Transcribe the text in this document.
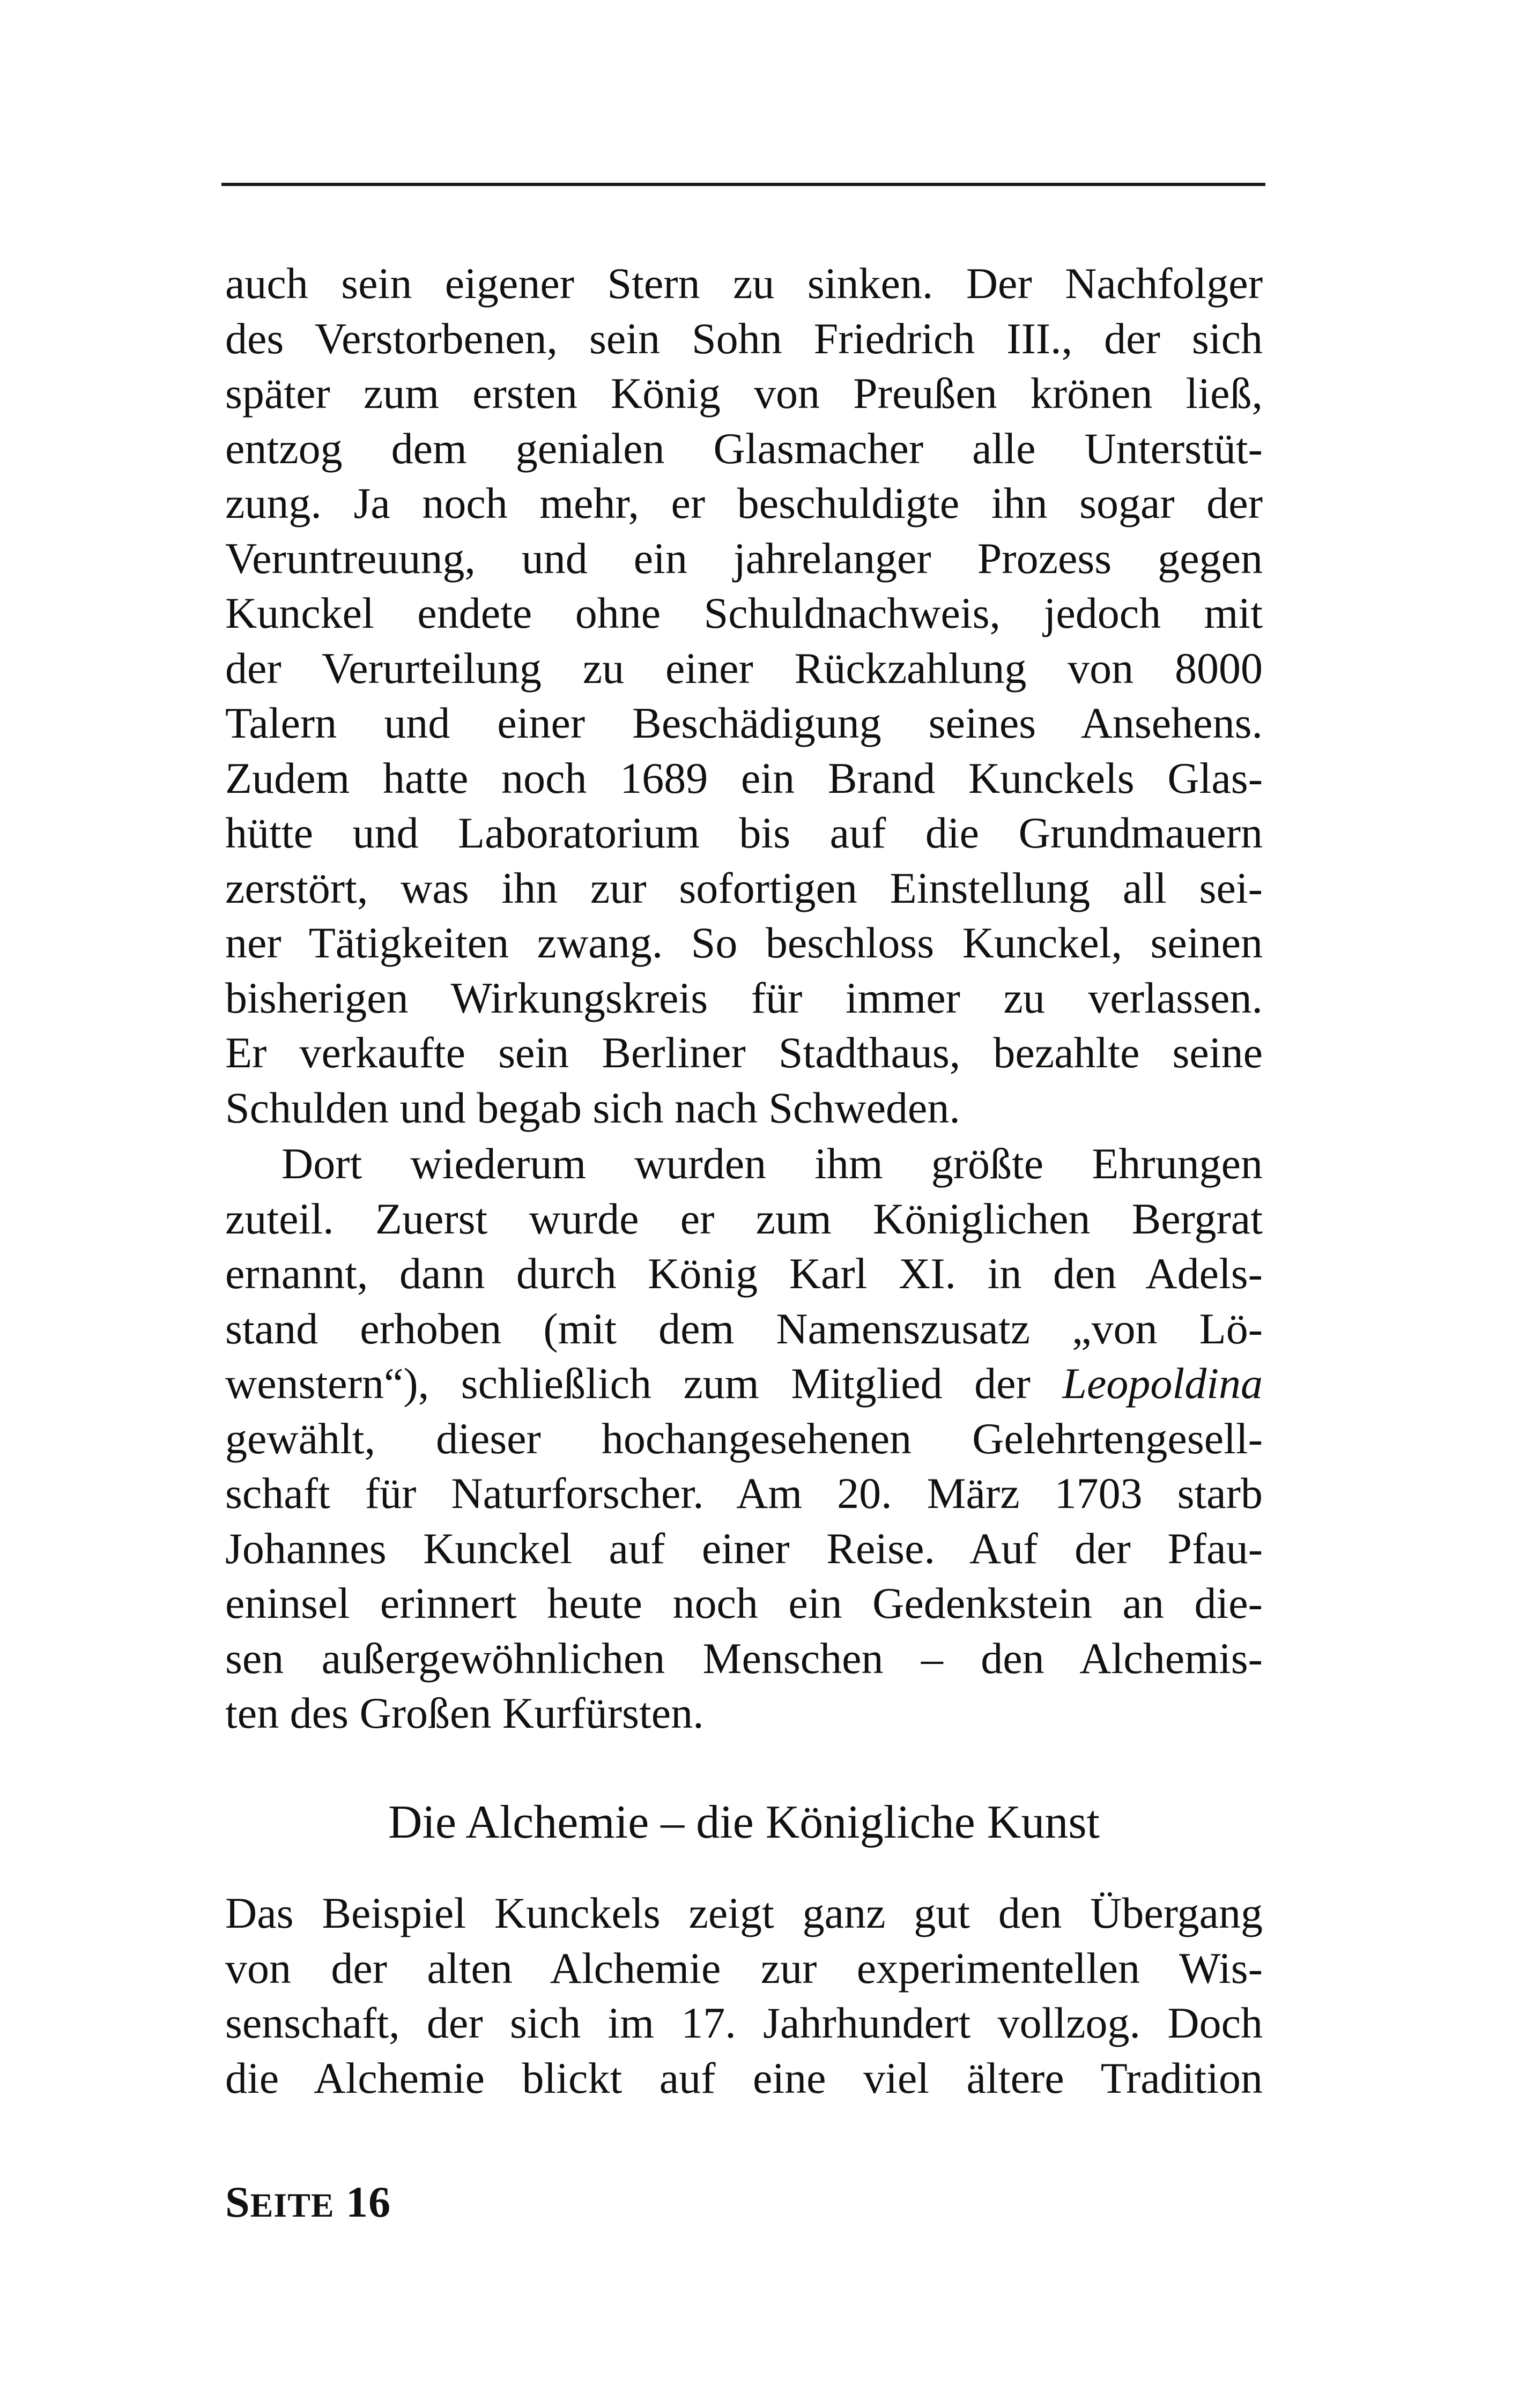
auch sein eigener Stern zu sinken. Der Nachfolger
des Verstorbenen, sein Sohn Friedrich III., der sich
später zum ersten König von Preußen krönen ließ,
entzog dem genialen Glasmacher alle Unterstüt-
zung. Ja noch mehr, er beschuldigte ihn sogar der
Veruntreuung, und ein jahrelanger Prozess gegen
Kunckel endete ohne Schuldnachweis, jedoch mit
der Verurteilung zu einer Rückzahlung von 8000
Talern und einer Beschädigung seines Ansehens.
Zudem hatte noch 1689 ein Brand Kunckels Glas-
hütte und Laboratorium bis auf die Grundmauern
zerstört, was ihn zur sofortigen Einstellung all sei-
ner Tätigkeiten zwang. So beschloss Kunckel, seinen
bisherigen Wirkungskreis für immer zu verlassen.
Er verkaufte sein Berliner Stadthaus, bezahlte seine
Schulden und begab sich nach Schweden.
Dort wiederum wurden ihm größte Ehrungen
zuteil. Zuerst wurde er zum Königlichen Bergrat
ernannt, dann durch König Karl XI. in den Adels-
stand erhoben (mit dem Namenszusatz „von Lö-
wenstern“), schließlich zum Mitglied der Leopoldina
gewählt, dieser hochangesehenen Gelehrtengesell-
schaft für Naturforscher. Am 20. März 1703 starb
Johannes Kunckel auf einer Reise. Auf der Pfau-
eninsel erinnert heute noch ein Gedenkstein an die-
sen außergewöhnlichen Menschen – den Alchemis-
ten des Großen Kurfürsten.
Die Alchemie – die Königliche Kunst
Das Beispiel Kunckels zeigt ganz gut den Übergang
von der alten Alchemie zur experimentellen Wis-
senschaft, der sich im 17. Jahrhundert vollzog. Doch
die Alchemie blickt auf eine viel ältere Tradition
SEITE 16
